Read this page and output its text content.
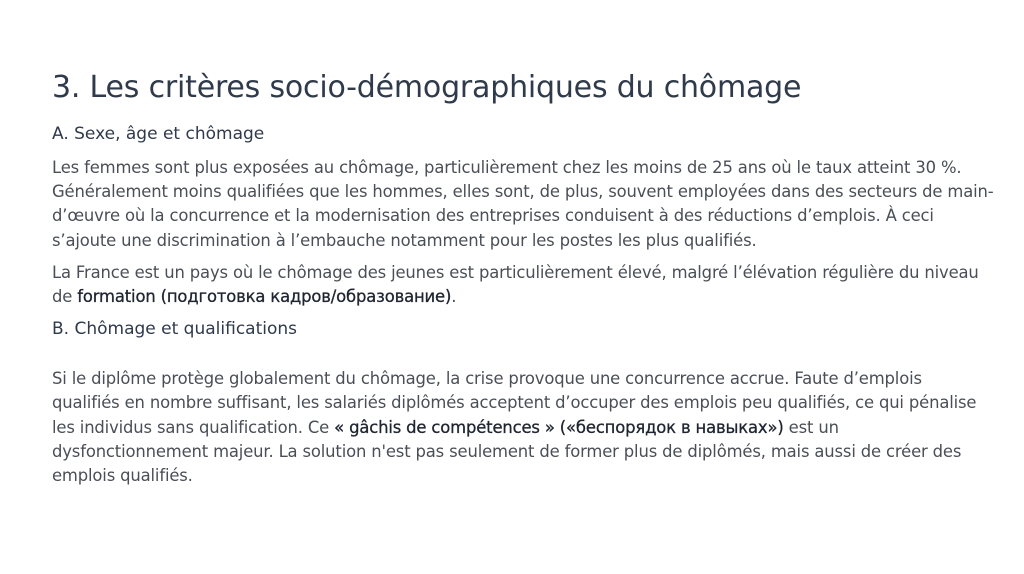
3. Les critères socio-démographiques du chômage
A. Sexe, âge et chômage

Les femmes sont plus exposées au chômage, particulièrement chez les moins de 25 ans où le taux atteint 30 %. Généralement moins qualifiées que les hommes, elles sont, de plus, souvent employées dans des secteurs de main-d’œuvre où la concurrence et la modernisation des entreprises conduisent à des réductions d’emplois. À ceci s’ajoute une discrimination à l’embauche notamment pour les postes les plus qualifiés.

La France est un pays où le chômage des jeunes est particulièrement élevé, malgré l’élévation régulière du niveau de formation (подготовка кадров/образование).

B. Chômage et qualifications

Si le diplôme protège globalement du chômage, la crise provoque une concurrence accrue. Faute d’emplois qualifiés en nombre suffisant, les salariés diplômés acceptent d’occuper des emplois peu qualifiés, ce qui pénalise les individus sans qualification. Ce « gâchis de compétences » («беспорядок в навыках») est un dysfonctionnement majeur. La solution n'est pas seulement de former plus de diplômés, mais aussi de créer des emplois qualifiés.
